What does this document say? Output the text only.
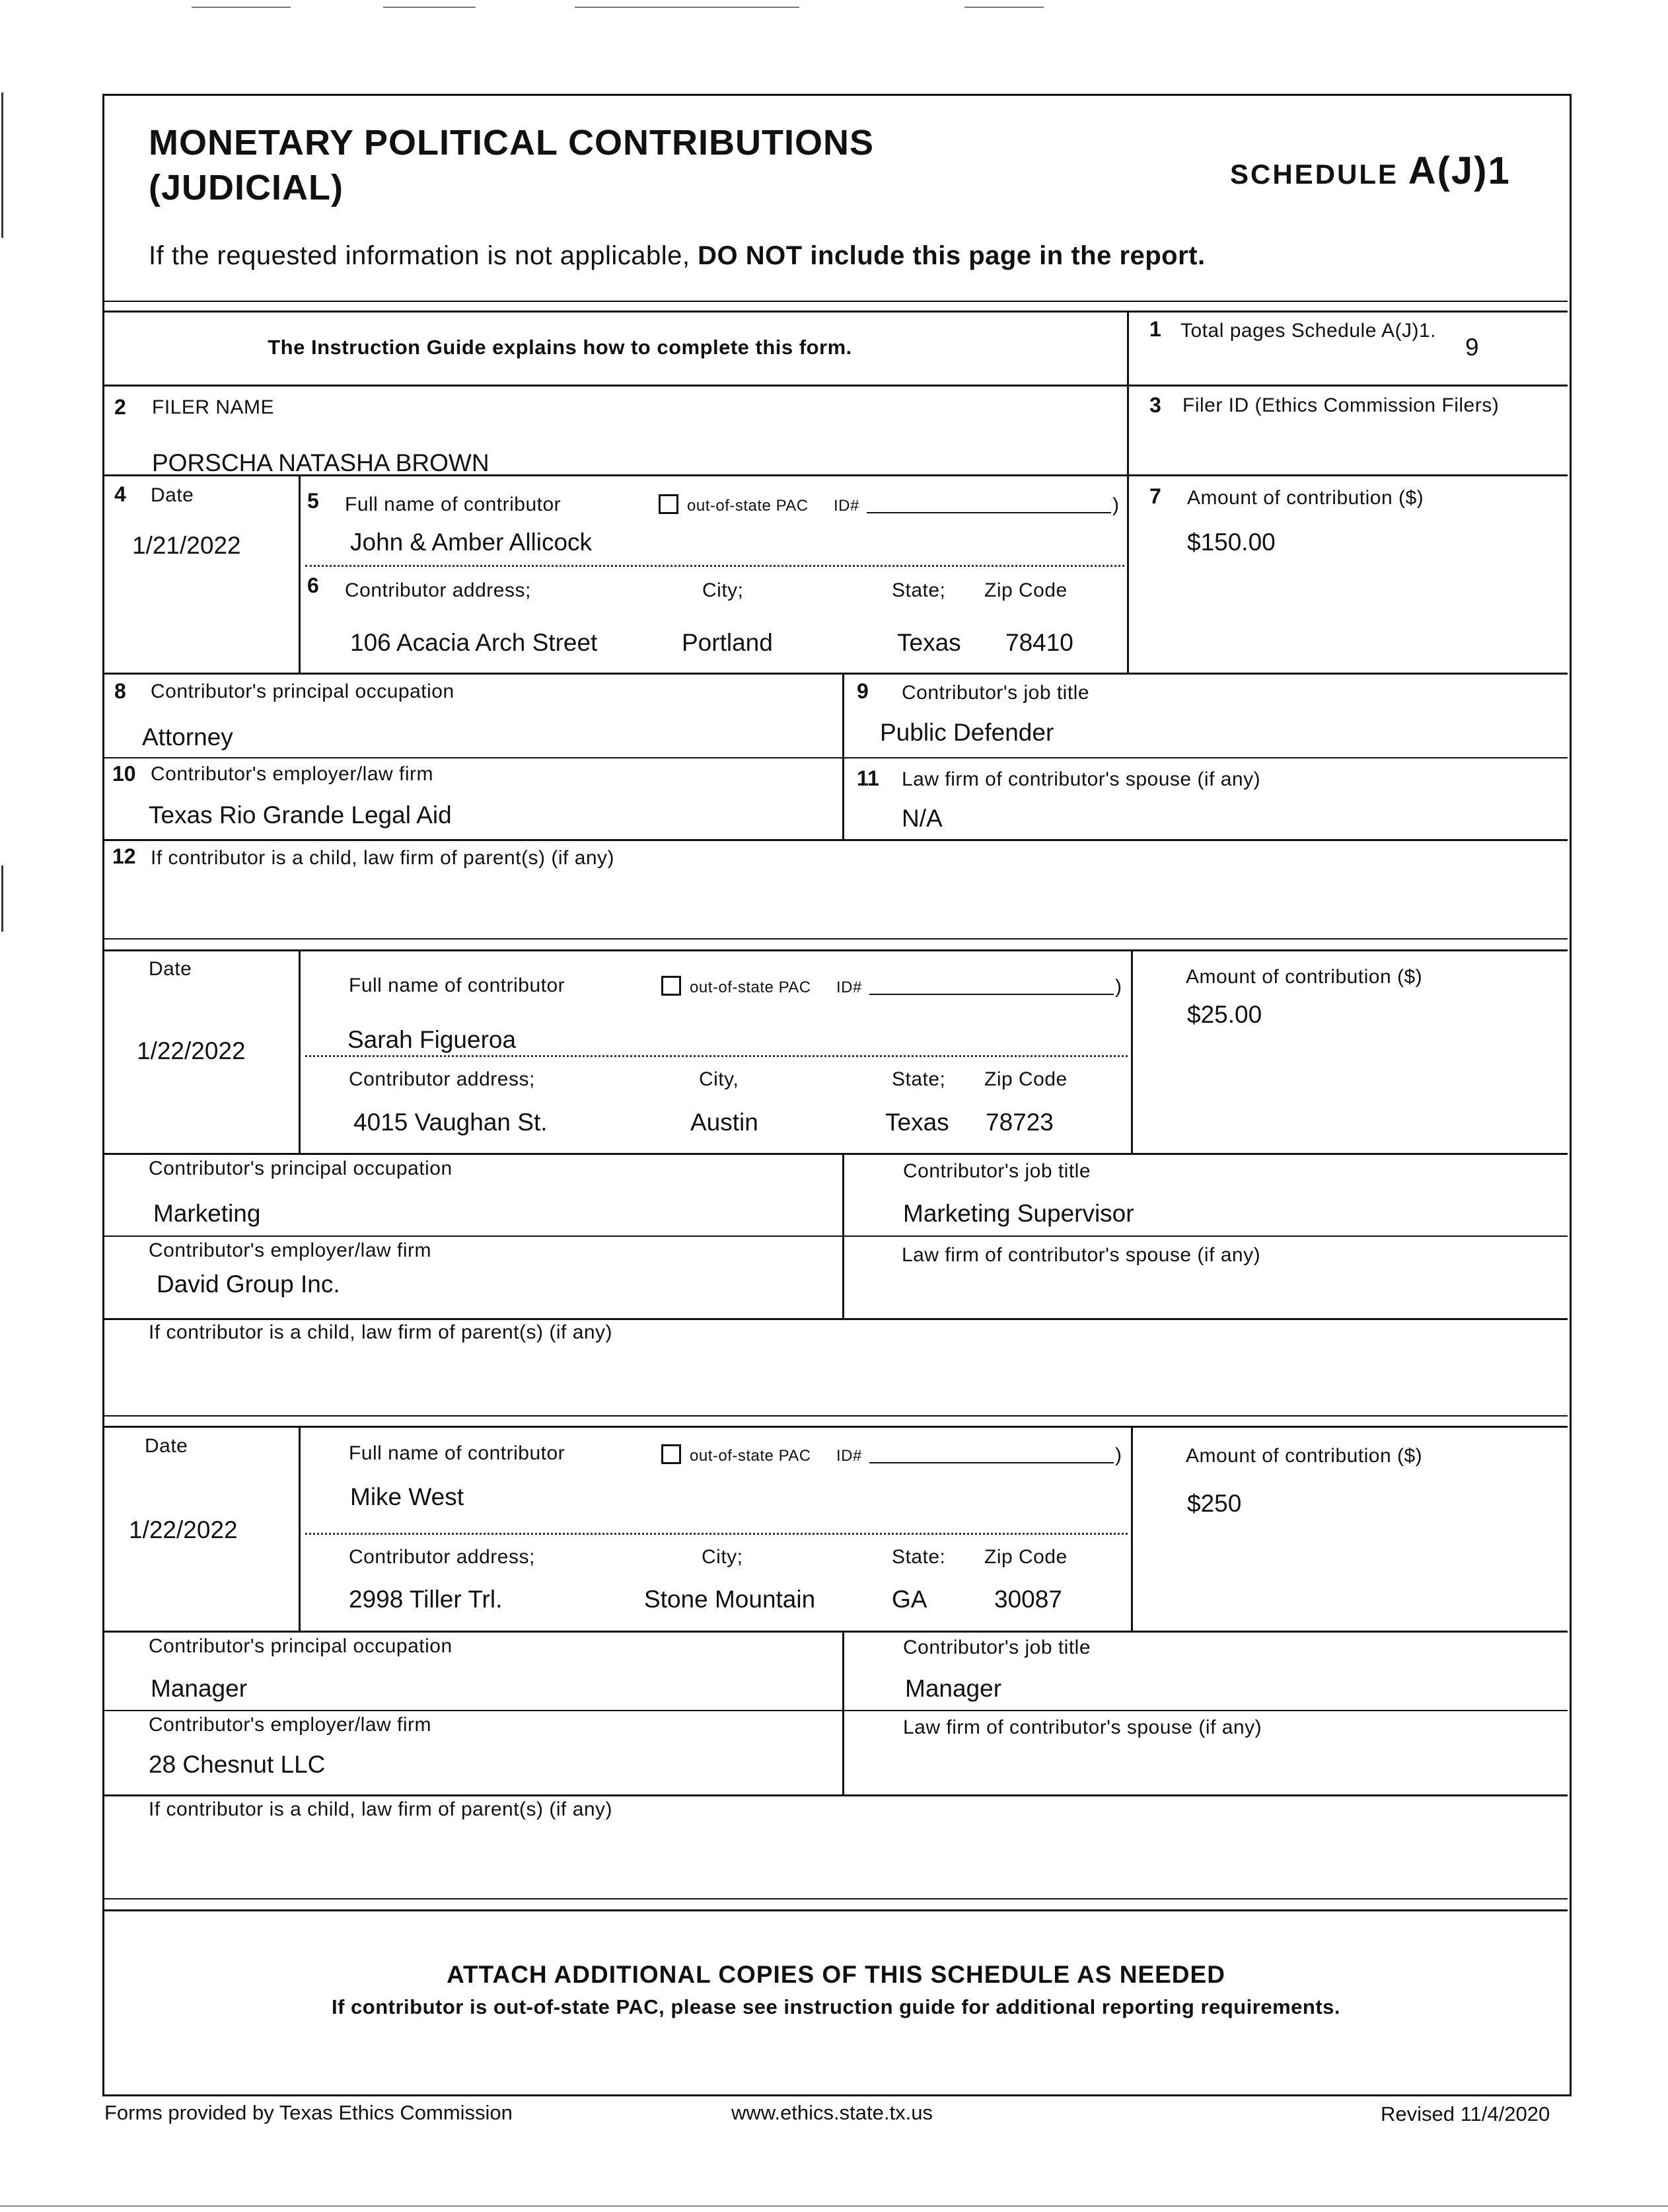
MONETARY POLITICAL CONTRIBUTIONS
(JUDICIAL)	SCHEDULE A(J)1
If the requested information is not applicable, DO NOT include this page in the report.
The Instruction Guide explains how to complete this form.
1 Total pages Schedule A(J)1.
9
2 FILER NAME
PORSCHA NATASHA BROWN
3 Filer ID (Ethics Commission Filers)
4 Date
1/21/2022
5 Full name of contributor	out-of-state PAC ID#	)
John & Amber Allicock
6 Contributor address;	City;	State; Zip Code
106 Acacia Arch Street	Portland	Texas 78410
7 Amount of contribution ($)
$150.00
8 Contributor's principal occupation
Attorney
9 Contributor's job title
Public Defender
10 Contributor's employer/law firm
Texas Rio Grande Legal Aid
11 Law firm of contributor's spouse (if any)
N/A
12 If contributor is a child, law firm of parent(s) (if any)
Date
1/22/2022
Full name of contributor	out-of-state PAC ID#	)
Sarah Figueroa
Contributor address;	City,	State; Zip Code
4015 Vaughan St.	Austin	Texas 78723
Amount of contribution ($)
$25.00
Contributor's principal occupation
Marketing
Contributor's job title
Marketing Supervisor
Contributor's employer/law firm
David Group Inc.
Law firm of contributor's spouse (if any)
If contributor is a child, law firm of parent(s) (if any)
Date
1/22/2022
Full name of contributor	out-of-state PAC ID#	)
Mike West
Contributor address;	City;	State: Zip Code
2998 Tiller Trl.	Stone Mountain	GA	30087
Amount of contribution ($)
$250
Contributor's principal occupation
Manager
Contributor's job title
Manager
Contributor's employer/law firm
28 Chesnut LLC
Law firm of contributor's spouse (if any)
If contributor is a child, law firm of parent(s) (if any)
ATTACH ADDITIONAL COPIES OF THIS SCHEDULE AS NEEDED
If contributor is out-of-state PAC, please see instruction guide for additional reporting requirements.
Forms provided by Texas Ethics Commission	www.ethics.state.tx.us	Revised 11/4/2020
